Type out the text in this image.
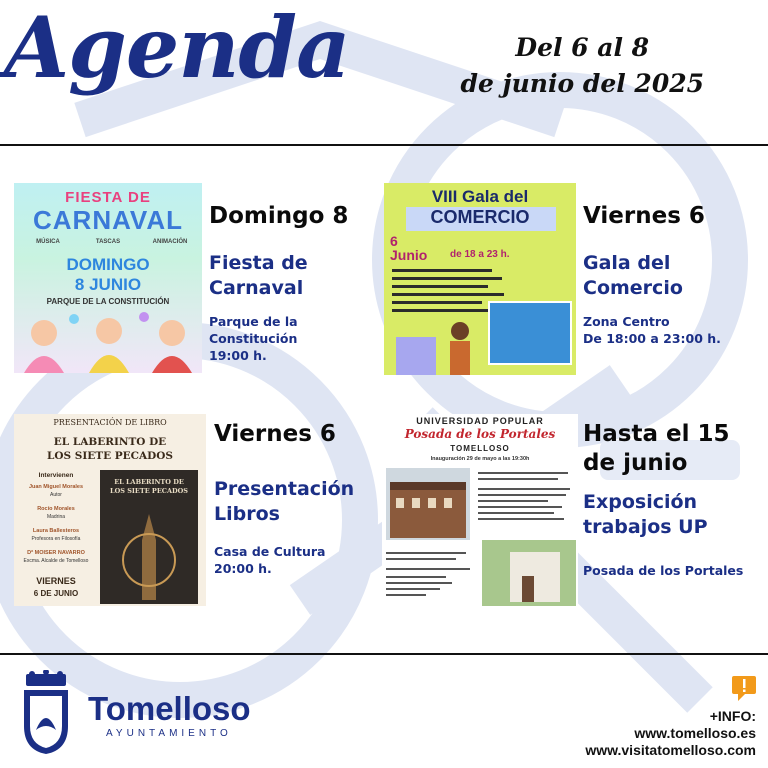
Agenda	Del 6 al 8
de junio del 2025
FIESTA DE
CARNAVAL
MÚSICA	TASCAS	ANIMACIÓN
DOMINGO
8 JUNIO
PARQUE DE LA CONSTITUCIÓN
Domingo 8
Fiesta de
Carnaval
Parque de la Constitución
19:00 h.
VIII Gala del
COMERCIO
6
Junio	de 18 a 23 h.
Viernes 6
Gala del
Comercio
Zona Centro
De 18:00 a 23:00 h.
PRESENTACIÓN DE LIBRO
EL LABERINTO DE
LOS SIETE PECADOS
Intervienen
Juan Miguel Morales
Autor
Rocío Morales
Madrina
Laura Ballesteros
Profesora en Filosofía
Dª MOISER NAVARRO
Excma. Alcalde de Tomelloso
VIERNES
6 DE JUNIO
EL LABERINTO DE
LOS SIETE PECADOS
Viernes 6
Presentación
Libros
Casa de Cultura
20:00 h.
UNIVERSIDAD POPULAR
Posada de los Portales
TOMELLOSO
Inauguración 29 de mayo a las 19:30h
Hasta el 15
de junio
Exposición
trabajos UP
Posada de los Portales
Tomelloso
AYUNTAMIENTO
+INFO:
www.tomelloso.es
www.visitatomelloso.com
